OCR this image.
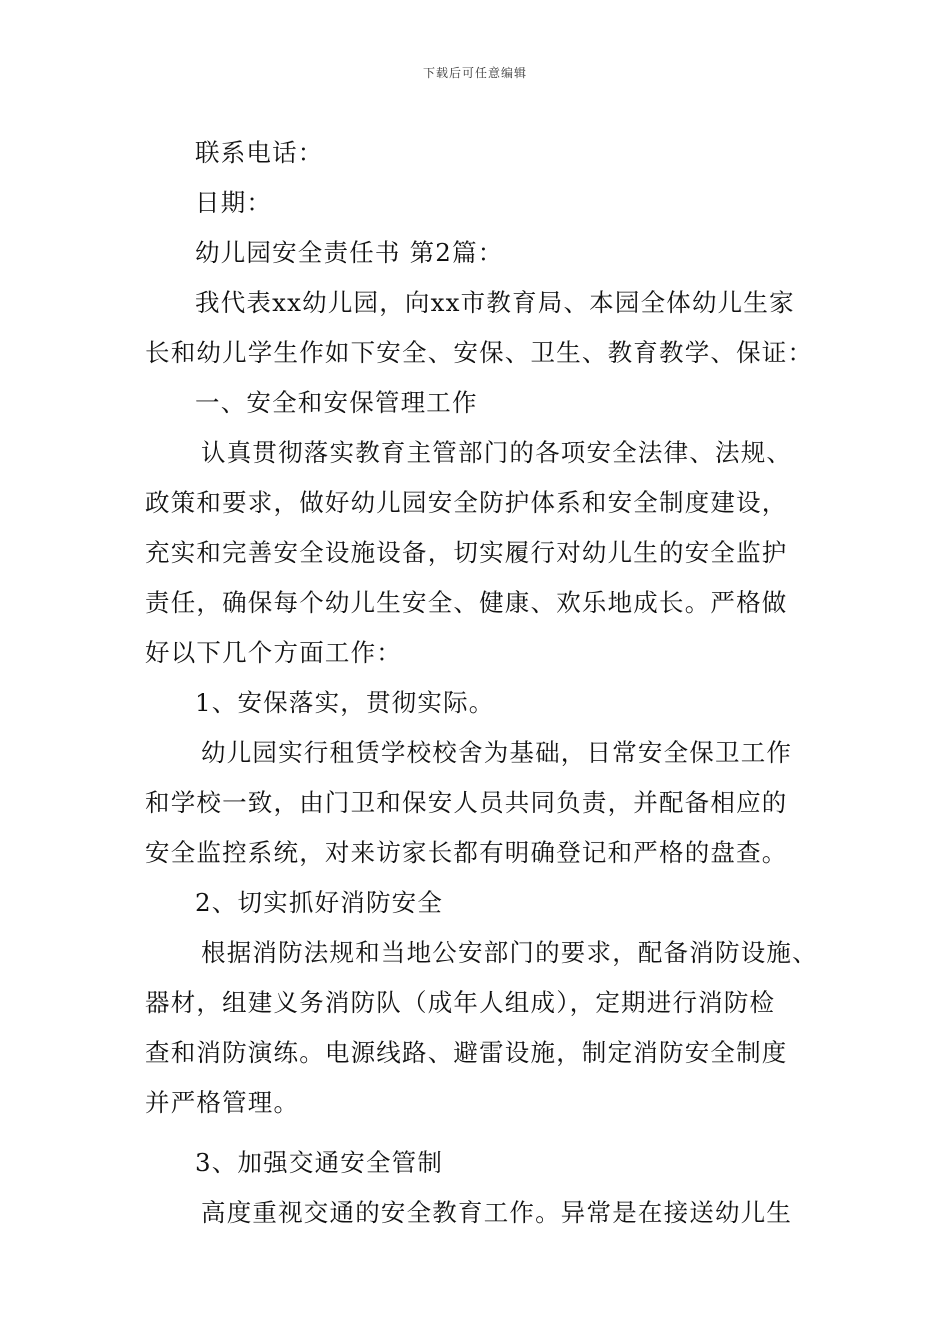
下载后可任意编辑
联系电话：
日期：
幼儿园安全责任书 第2篇：
我代表xx幼儿园，向xx市教育局、本园全体幼儿生家
长和幼儿学生作如下安全、安保、卫生、教育教学、保证：
一、安全和安保管理工作
认真贯彻落实教育主管部门的各项安全法律、法规、
政策和要求，做好幼儿园安全防护体系和安全制度建设，
充实和完善安全设施设备，切实履行对幼儿生的安全监护
责任，确保每个幼儿生安全、健康、欢乐地成长。严格做
好以下几个方面工作：
1、安保落实，贯彻实际。
幼儿园实行租赁学校校舍为基础，日常安全保卫工作
和学校一致，由门卫和保安人员共同负责，并配备相应的
安全监控系统，对来访家长都有明确登记和严格的盘查。
2、切实抓好消防安全
根据消防法规和当地公安部门的要求，配备消防设施、
器材，组建义务消防队（成年人组成），定期进行消防检
查和消防演练。电源线路、避雷设施，制定消防安全制度
并严格管理。
3、加强交通安全管制
高度重视交通的安全教育工作。异常是在接送幼儿生
